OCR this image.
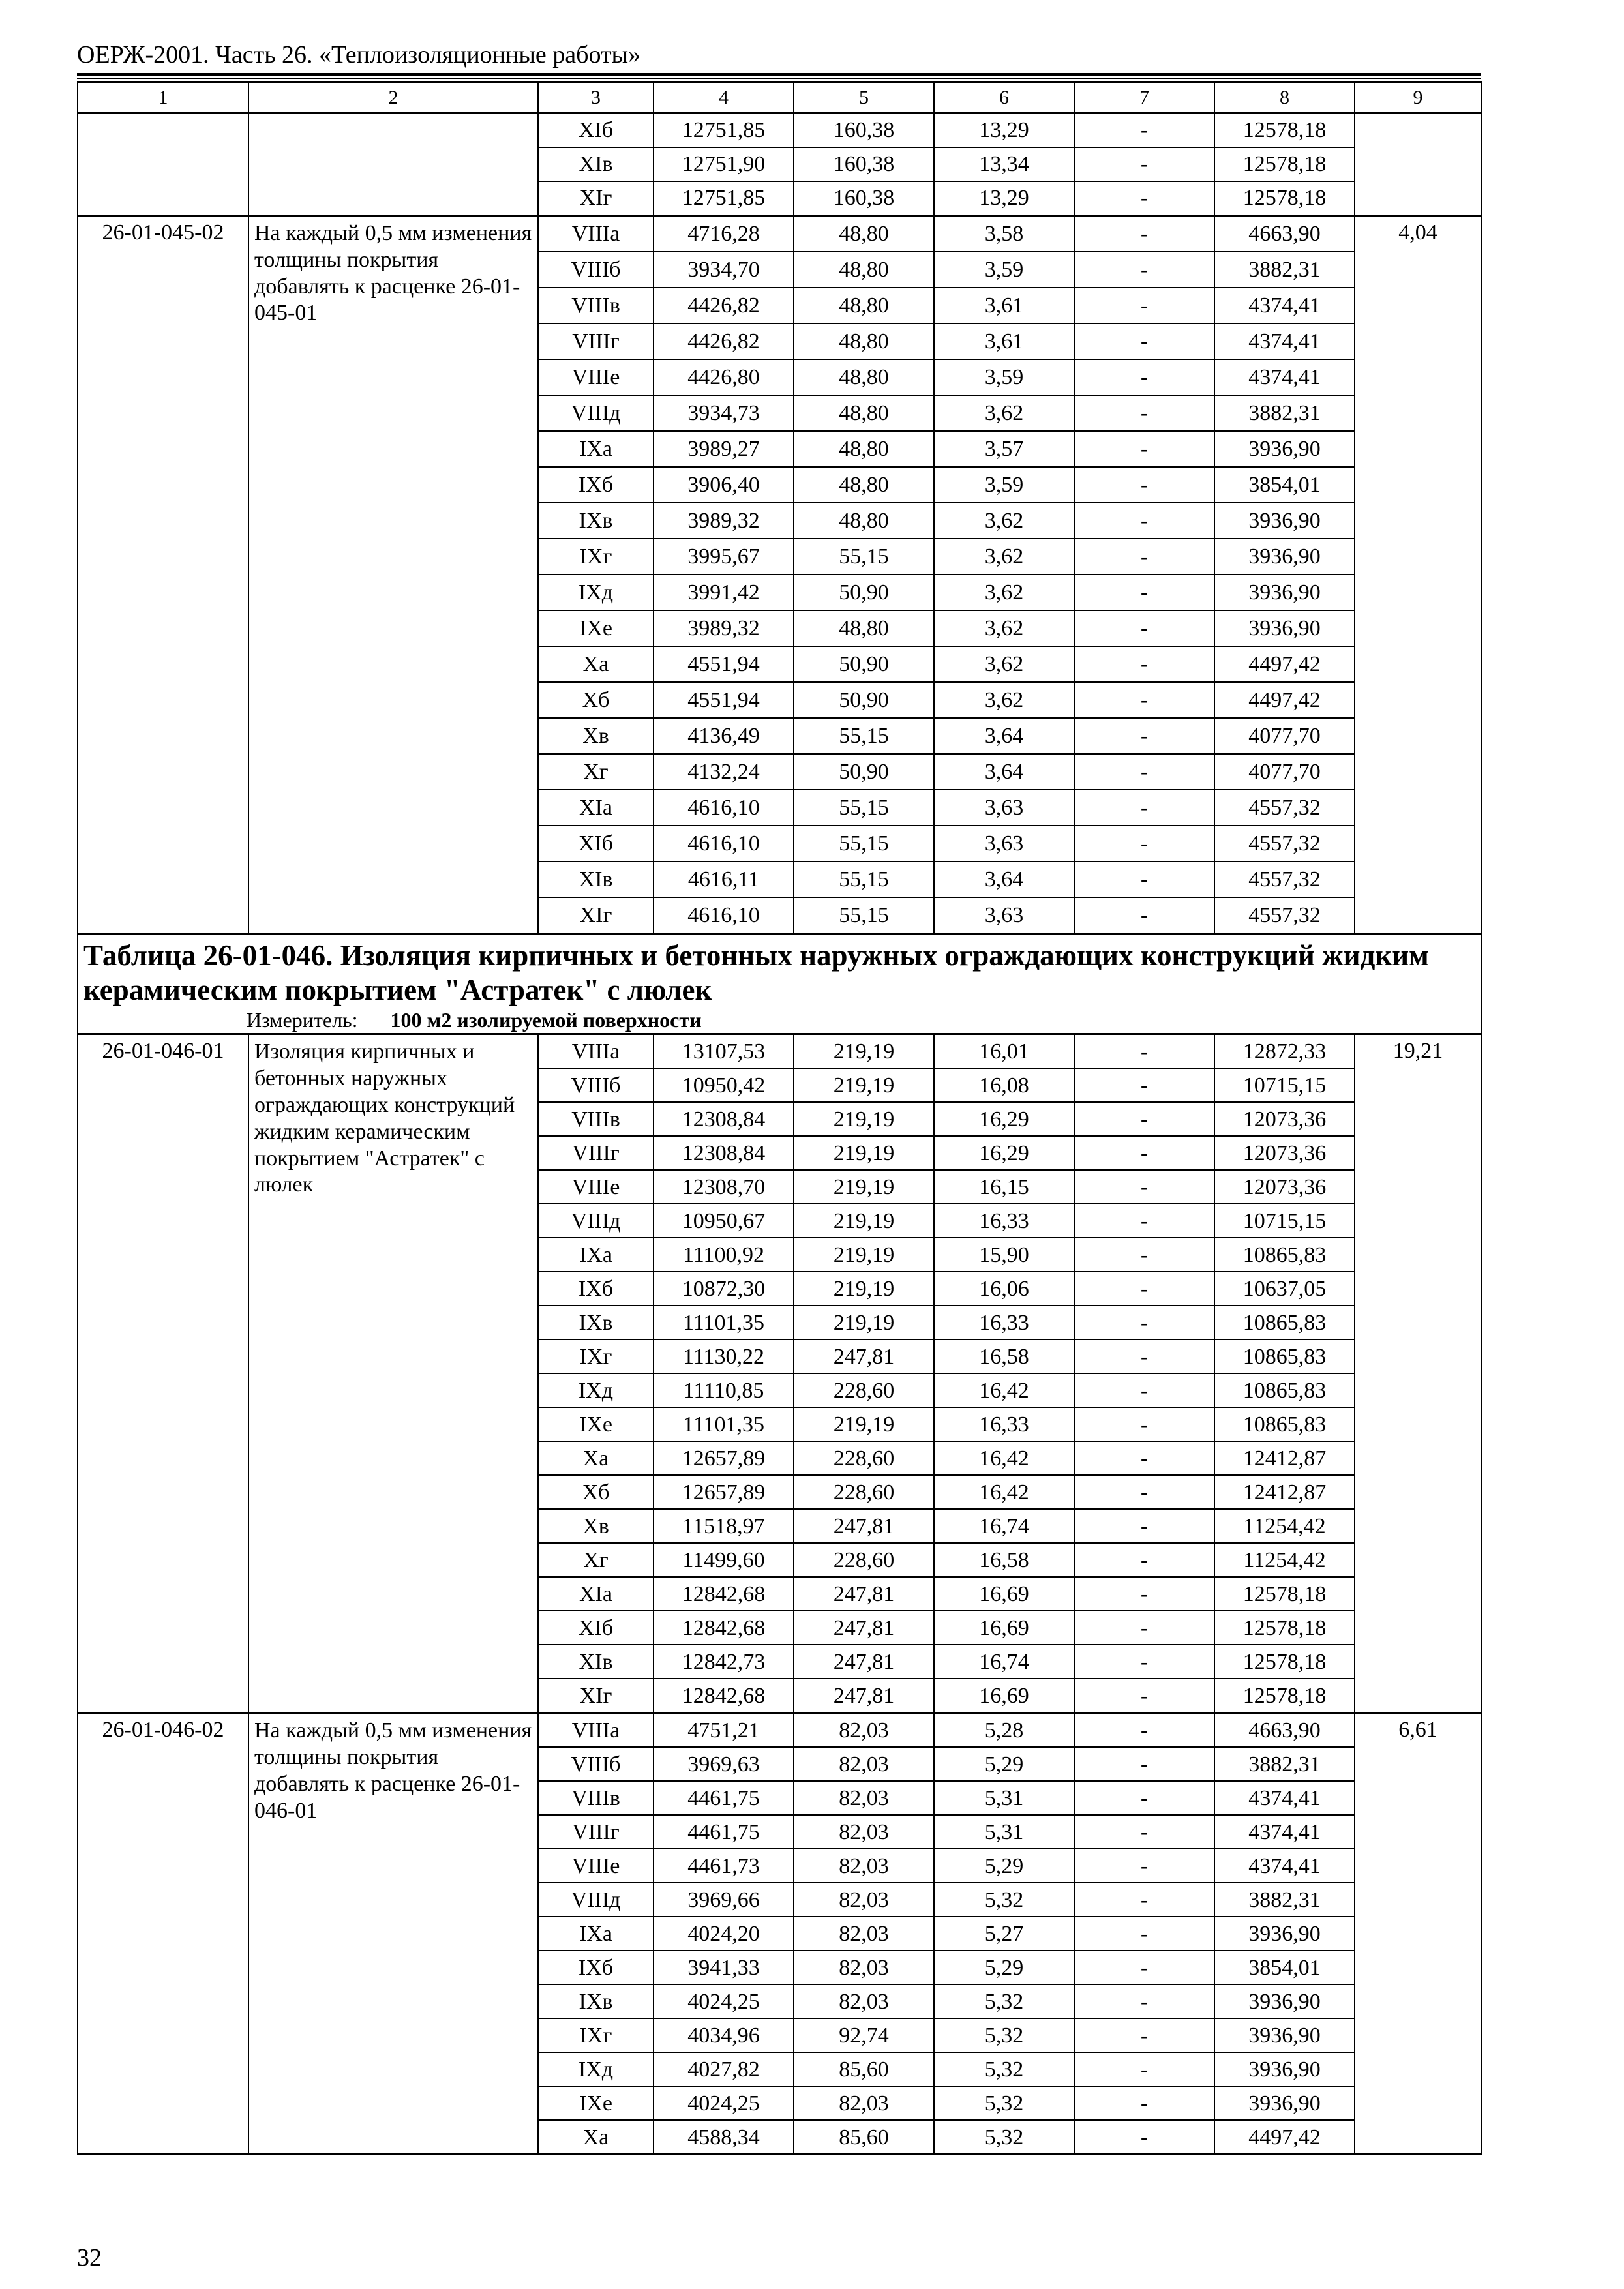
ОЕРЖ-2001. Часть 26. «Теплоизоляционные работы»
1	2	3	4	5	6	7	8	9
		XIб	12751,85	160,38	13,29	-	12578,18	
		XIв	12751,90	160,38	13,34	-	12578,18	
		XIг	12751,85	160,38	13,29	-	12578,18	
26-01-045-02	На каждый 0,5 мм изменения толщины покрытия добавлять к расценке 26-01-045-01	VIIIа	4716,28	48,80	3,58	-	4663,90	4,04
		VIIIб	3934,70	48,80	3,59	-	3882,31	
		VIIIв	4426,82	48,80	3,61	-	4374,41	
		VIIIг	4426,82	48,80	3,61	-	4374,41	
		VIIIе	4426,80	48,80	3,59	-	4374,41	
		VIIIд	3934,73	48,80	3,62	-	3882,31	
		IXа	3989,27	48,80	3,57	-	3936,90	
		IXб	3906,40	48,80	3,59	-	3854,01	
		IXв	3989,32	48,80	3,62	-	3936,90	
		IXг	3995,67	55,15	3,62	-	3936,90	
		IXд	3991,42	50,90	3,62	-	3936,90	
		IXе	3989,32	48,80	3,62	-	3936,90	
		Xа	4551,94	50,90	3,62	-	4497,42	
		Xб	4551,94	50,90	3,62	-	4497,42	
		Xв	4136,49	55,15	3,64	-	4077,70	
		Xг	4132,24	50,90	3,64	-	4077,70	
		XIа	4616,10	55,15	3,63	-	4557,32	
		XIб	4616,10	55,15	3,63	-	4557,32	
		XIв	4616,11	55,15	3,64	-	4557,32	
		XIг	4616,10	55,15	3,63	-	4557,32	

Таблица 26-01-046. Изоляция кирпичных и бетонных наружных ограждающих конструкций жидким керамическим покрытием "Астратек" с люлек
Измеритель: 100 м2 изолируемой поверхности								

26-01-046-01	Изоляция кирпичных и бетонных наружных ограждающих конструкций жидким керамическим покрытием "Астратек" с люлек	VIIIа	13107,53	219,19	16,01	-	12872,33	19,21
		VIIIб	10950,42	219,19	16,08	-	10715,15	
		VIIIв	12308,84	219,19	16,29	-	12073,36	
		VIIIг	12308,84	219,19	16,29	-	12073,36	
		VIIIе	12308,70	219,19	16,15	-	12073,36	
		VIIIд	10950,67	219,19	16,33	-	10715,15	
		IXа	11100,92	219,19	15,90	-	10865,83	
		IXб	10872,30	219,19	16,06	-	10637,05	
		IXв	11101,35	219,19	16,33	-	10865,83	
		IXг	11130,22	247,81	16,58	-	10865,83	
		IXд	11110,85	228,60	16,42	-	10865,83	
		IXе	11101,35	219,19	16,33	-	10865,83	
		Xа	12657,89	228,60	16,42	-	12412,87	
		Xб	12657,89	228,60	16,42	-	12412,87	
		Xв	11518,97	247,81	16,74	-	11254,42	
		Xг	11499,60	228,60	16,58	-	11254,42	
		XIа	12842,68	247,81	16,69	-	12578,18	
		XIб	12842,68	247,81	16,69	-	12578,18	
		XIв	12842,73	247,81	16,74	-	12578,18	
		XIг	12842,68	247,81	16,69	-	12578,18	
26-01-046-02	На каждый 0,5 мм изменения толщины покрытия добавлять к расценке 26-01-046-01	VIIIа	4751,21	82,03	5,28	-	4663,90	6,61
		VIIIб	3969,63	82,03	5,29	-	3882,31	
		VIIIв	4461,75	82,03	5,31	-	4374,41	
		VIIIг	4461,75	82,03	5,31	-	4374,41	
		VIIIе	4461,73	82,03	5,29	-	4374,41	
		VIIIд	3969,66	82,03	5,32	-	3882,31	
		IXа	4024,20	82,03	5,27	-	3936,90	
		IXб	3941,33	82,03	5,29	-	3854,01	
		IXв	4024,25	82,03	5,32	-	3936,90	
		IXг	4034,96	92,74	5,32	-	3936,90	
		IXд	4027,82	85,60	5,32	-	3936,90	
		IXе	4024,25	82,03	5,32	-	3936,90	
		Xа	4588,34	85,60	5,32	-	4497,42	
32
